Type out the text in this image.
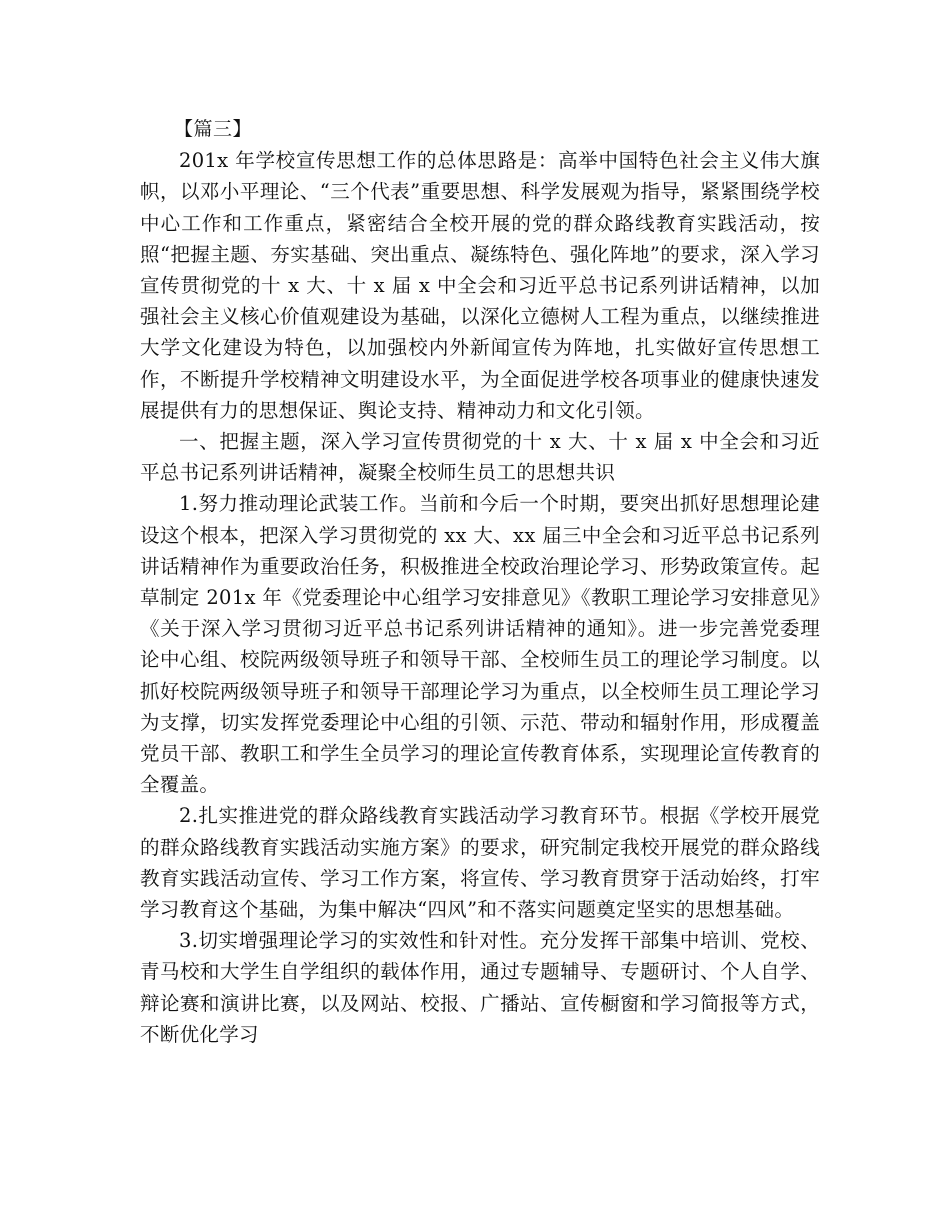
【篇三】

201x 年学校宣传思想工作的总体思路是：高举中国特色社会主义伟大旗帜，以邓小平理论、“三个代表”重要思想、科学发展观为指导，紧紧围绕学校中心工作和工作重点，紧密结合全校开展的党的群众路线教育实践活动，按照“把握主题、夯实基础、突出重点、凝练特色、强化阵地”的要求，深入学习宣传贯彻党的十 x 大、十 x 届 x 中全会和习近平总书记系列讲话精神，以加强社会主义核心价值观建设为基础，以深化立德树人工程为重点，以继续推进大学文化建设为特色，以加强校内外新闻宣传为阵地，扎实做好宣传思想工作，不断提升学校精神文明建设水平，为全面促进学校各项事业的健康快速发展提供有力的思想保证、舆论支持、精神动力和文化引领。

一、把握主题，深入学习宣传贯彻党的十 x 大、十 x 届 x 中全会和习近平总书记系列讲话精神，凝聚全校师生员工的思想共识

1.努力推动理论武装工作。当前和今后一个时期，要突出抓好思想理论建设这个根本，把深入学习贯彻党的 xx 大、xx 届三中全会和习近平总书记系列讲话精神作为重要政治任务，积极推进全校政治理论学习、形势政策宣传。起草制定 201x 年《党委理论中心组学习安排意见》《教职工理论学习安排意见》《关于深入学习贯彻习近平总书记系列讲话精神的通知》。进一步完善党委理论中心组、校院两级领导班子和领导干部、全校师生员工的理论学习制度。以抓好校院两级领导班子和领导干部理论学习为重点，以全校师生员工理论学习为支撑，切实发挥党委理论中心组的引领、示范、带动和辐射作用，形成覆盖党员干部、教职工和学生全员学习的理论宣传教育体系，实现理论宣传教育的全覆盖。

2.扎实推进党的群众路线教育实践活动学习教育环节。根据《学校开展党的群众路线教育实践活动实施方案》的要求，研究制定我校开展党的群众路线教育实践活动宣传、学习工作方案，将宣传、学习教育贯穿于活动始终，打牢学习教育这个基础，为集中解决“四风”和不落实问题奠定坚实的思想基础。

3.切实增强理论学习的实效性和针对性。充分发挥干部集中培训、党校、青马校和大学生自学组织的载体作用，通过专题辅导、专题研讨、个人自学、辩论赛和演讲比赛，以及网站、校报、广播站、宣传橱窗和学习简报等方式，不断优化学习
